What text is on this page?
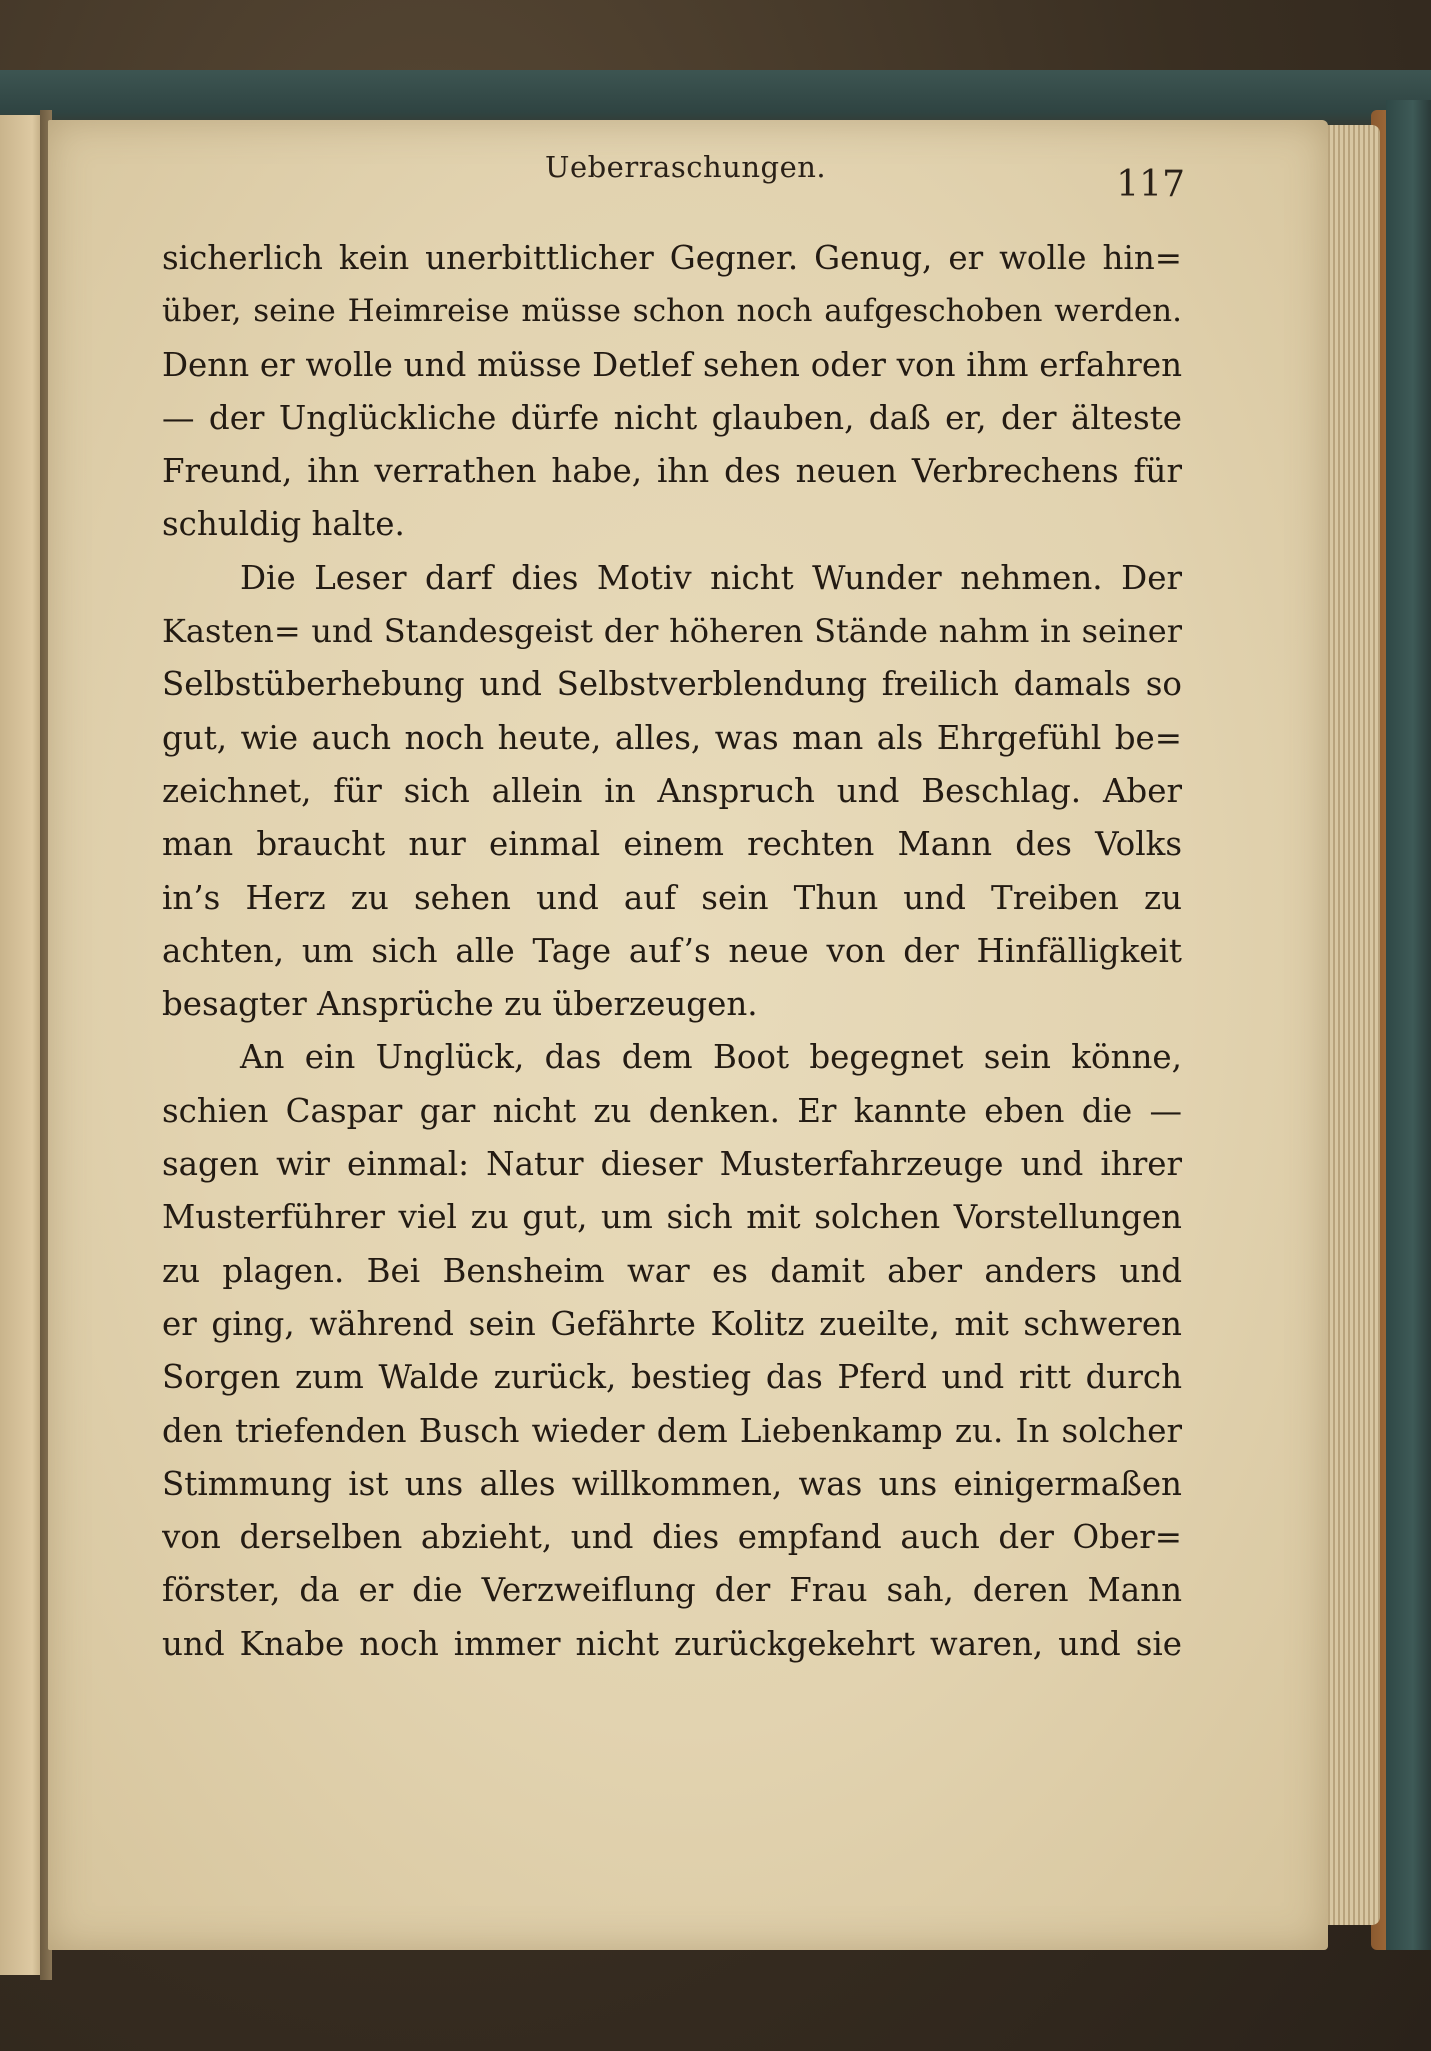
Ueberraschungen.	117
sicherlich kein unerbittlicher Gegner. Genug, er wolle hin=
über, seine Heimreise müsse schon noch aufgeschoben werden.
Denn er wolle und müsse Detlef sehen oder von ihm erfahren
— der Unglückliche dürfe nicht glauben, daß er, der älteste
Freund, ihn verrathen habe, ihn des neuen Verbrechens für
schuldig halte.
Die Leser darf dies Motiv nicht Wunder nehmen. Der
Kasten= und Standesgeist der höheren Stände nahm in seiner
Selbstüberhebung und Selbstverblendung freilich damals so
gut, wie auch noch heute, alles, was man als Ehrgefühl be=
zeichnet, für sich allein in Anspruch und Beschlag. Aber
man braucht nur einmal einem rechten Mann des Volks
in’s Herz zu sehen und auf sein Thun und Treiben zu
achten, um sich alle Tage auf’s neue von der Hinfälligkeit
besagter Ansprüche zu überzeugen.
An ein Unglück, das dem Boot begegnet sein könne,
schien Caspar gar nicht zu denken. Er kannte eben die —
sagen wir einmal: Natur dieser Musterfahrzeuge und ihrer
Musterführer viel zu gut, um sich mit solchen Vorstellungen
zu plagen. Bei Bensheim war es damit aber anders und
er ging, während sein Gefährte Kolitz zueilte, mit schweren
Sorgen zum Walde zurück, bestieg das Pferd und ritt durch
den triefenden Busch wieder dem Liebenkamp zu. In solcher
Stimmung ist uns alles willkommen, was uns einigermaßen
von derselben abzieht, und dies empfand auch der Ober=
förster, da er die Verzweiflung der Frau sah, deren Mann
und Knabe noch immer nicht zurückgekehrt waren, und sie
